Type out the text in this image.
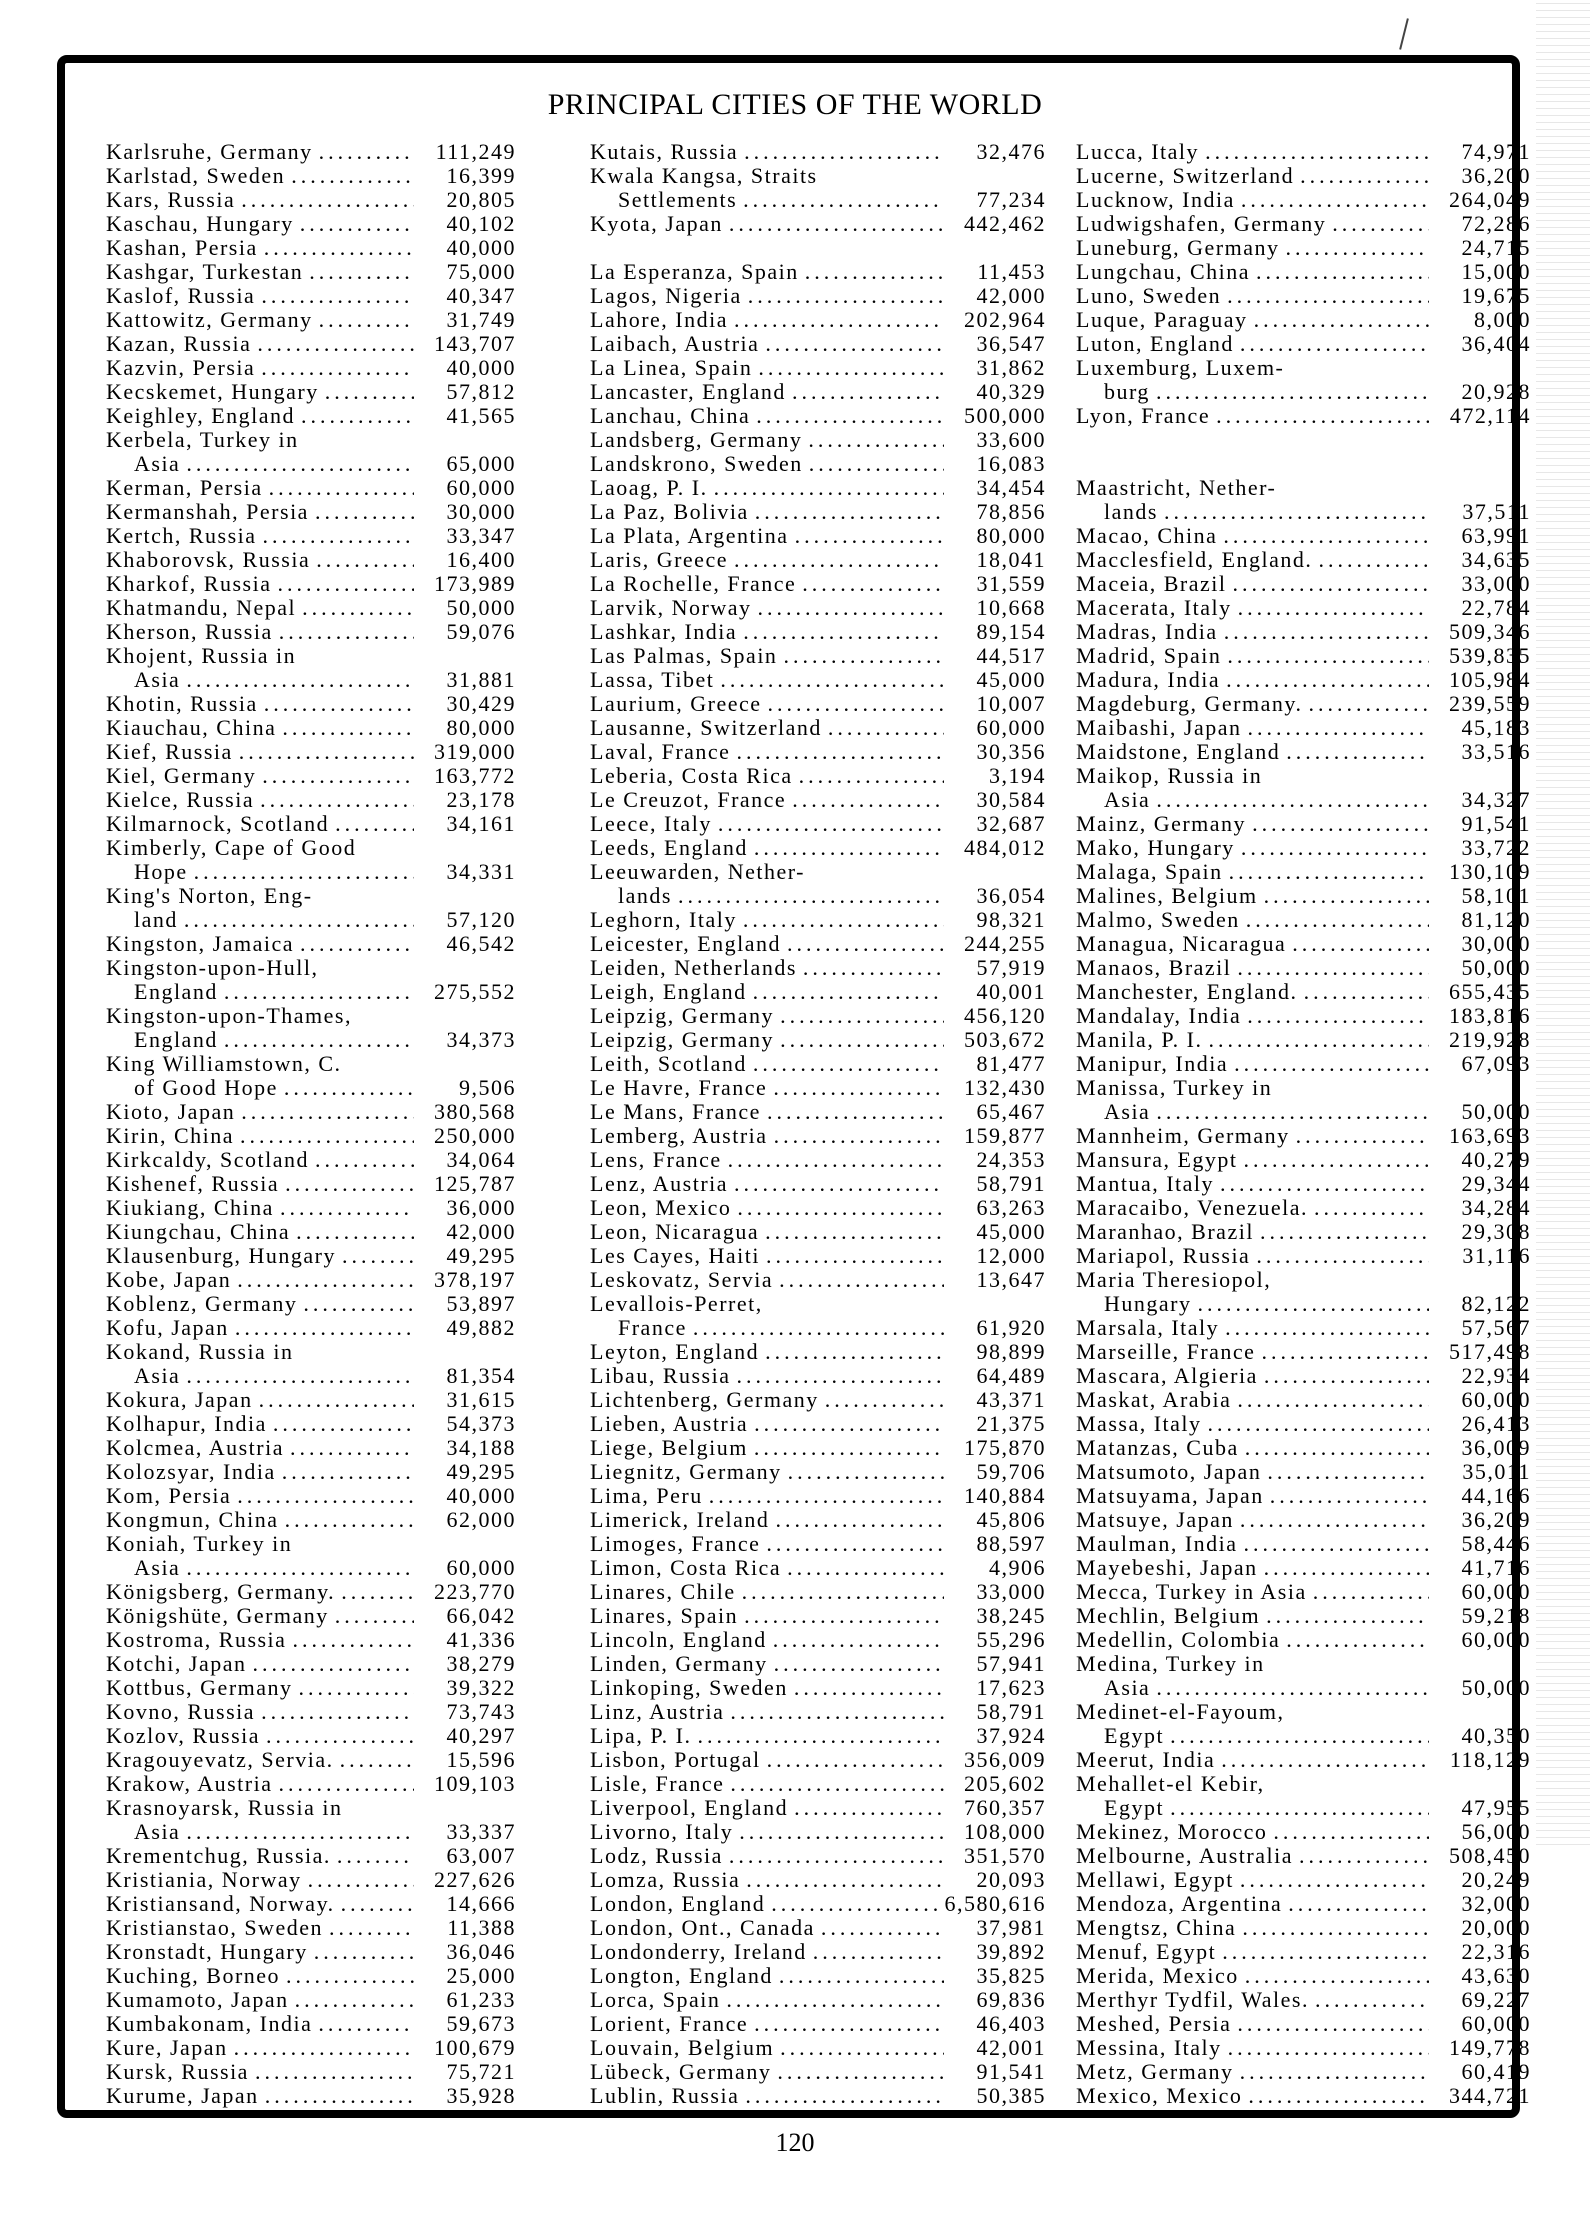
PRINCIPAL CITIES OF THE WORLD
Karlsruhe, Germany .....	111,249
Karlstad, Sweden .....	16,399
Kars, Russia .....	20,805
Kaschau, Hungary .....	40,102
Kashan, Persia .....	40,000
Kashgar, Turkestan .....	75,000
Kaslof, Russia .....	40,347
Kattowitz, Germany .....	31,749
Kazan, Russia .....	143,707
Kazvin, Persia .....	40,000
Kecskemet, Hungary .....	57,812
Keighley, England .....	41,565
Kerbela, Turkey in
Asia .....	65,000
Kerman, Persia .....	60,000
Kermanshah, Persia .....	30,000
Kertch, Russia .....	33,347
Khaborovsk, Russia .....	16,400
Kharkof, Russia .....	173,989
Khatmandu, Nepal .....	50,000
Kherson, Russia .....	59,076
Khojent, Russia in
Asia .....	31,881
Khotin, Russia .....	30,429
Kiauchau, China .....	80,000
Kief, Russia .....	319,000
Kiel, Germany .....	163,772
Kielce, Russia .....	23,178
Kilmarnock, Scotland .....	34,161
Kimberly, Cape of Good
Hope .....	34,331
King's Norton, Eng-
land .....	57,120
Kingston, Jamaica .....	46,542
Kingston-upon-Hull,
England .....	275,552
Kingston-upon-Thames,
England .....	34,373
King Williamstown, C.
of Good Hope .....	9,506
Kioto, Japan .....	380,568
Kirin, China .....	250,000
Kirkcaldy, Scotland .....	34,064
Kishenef, Russia .....	125,787
Kiukiang, China .....	36,000
Kiungchau, China .....	42,000
Klausenburg, Hungary .....	49,295
Kobe, Japan .....	378,197
Koblenz, Germany .....	53,897
Kofu, Japan .....	49,882
Kokand, Russia in
Asia .....	81,354
Kokura, Japan .....	31,615
Kolhapur, India .....	54,373
Kolcmea, Austria .....	34,188
Kolozsyar, India .....	49,295
Kom, Persia .....	40,000
Kongmun, China .....	62,000
Koniah, Turkey in
Asia .....	60,000
Königsberg, Germany. .....	223,770
Königshüte, Germany .....	66,042
Kostroma, Russia .....	41,336
Kotchi, Japan .....	38,279
Kottbus, Germany .....	39,322
Kovno, Russia .....	73,743
Kozlov, Russia .....	40,297
Kragouyevatz, Servia. .....	15,596
Krakow, Austria .....	109,103
Krasnoyarsk, Russia in
Asia .....	33,337
Krementchug, Russia. .....	63,007
Kristiania, Norway .....	227,626
Kristiansand, Norway. .....	14,666
Kristianstao, Sweden .....	11,388
Kronstadt, Hungary .....	36,046
Kuching, Borneo .....	25,000
Kumamoto, Japan .....	61,233
Kumbakonam, India .....	59,673
Kure, Japan .....	100,679
Kursk, Russia .....	75,721
Kurume, Japan .....	35,928
Kutais, Russia .....	32,476
Kwala Kangsa, Straits
Settlements .....	77,234
Kyota, Japan .....	442,462
La Esperanza, Spain .....	11,453
Lagos, Nigeria .....	42,000
Lahore, India .....	202,964
Laibach, Austria .....	36,547
La Linea, Spain .....	31,862
Lancaster, England .....	40,329
Lanchau, China .....	500,000
Landsberg, Germany .....	33,600
Landskrono, Sweden .....	16,083
Laoag, P. I. .....	34,454
La Paz, Bolivia .....	78,856
La Plata, Argentina .....	80,000
Laris, Greece .....	18,041
La Rochelle, France .....	31,559
Larvik, Norway .....	10,668
Lashkar, India .....	89,154
Las Palmas, Spain .....	44,517
Lassa, Tibet .....	45,000
Laurium, Greece .....	10,007
Lausanne, Switzerland .....	60,000
Laval, France .....	30,356
Leberia, Costa Rica .....	3,194
Le Creuzot, France .....	30,584
Leece, Italy .....	32,687
Leeds, England .....	484,012
Leeuwarden, Nether-
lands .....	36,054
Leghorn, Italy .....	98,321
Leicester, England .....	244,255
Leiden, Netherlands .....	57,919
Leigh, England .....	40,001
Leipzig, Germany .....	456,120
Leipzig, Germany .....	503,672
Leith, Scotland .....	81,477
Le Havre, France .....	132,430
Le Mans, France .....	65,467
Lemberg, Austria .....	159,877
Lens, France .....	24,353
Lenz, Austria .....	58,791
Leon, Mexico .....	63,263
Leon, Nicaragua .....	45,000
Les Cayes, Haiti .....	12,000
Leskovatz, Servia .....	13,647
Levallois-Perret,
France .....	61,920
Leyton, England .....	98,899
Libau, Russia .....	64,489
Lichtenberg, Germany .....	43,371
Lieben, Austria .....	21,375
Liege, Belgium .....	175,870
Liegnitz, Germany .....	59,706
Lima, Peru .....	140,884
Limerick, Ireland .....	45,806
Limoges, France .....	88,597
Limon, Costa Rica .....	4,906
Linares, Chile .....	33,000
Linares, Spain .....	38,245
Lincoln, England .....	55,296
Linden, Germany .....	57,941
Linkoping, Sweden .....	17,623
Linz, Austria .....	58,791
Lipa, P. I. .....	37,924
Lisbon, Portugal .....	356,009
Lisle, France .....	205,602
Liverpool, England .....	760,357
Livorno, Italy .....	108,000
Lodz, Russia .....	351,570
Lomza, Russia .....	20,093
London, England .....	6,580,616
London, Ont., Canada .....	37,981
Londonderry, Ireland .....	39,892
Longton, England .....	35,825
Lorca, Spain .....	69,836
Lorient, France .....	46,403
Louvain, Belgium .....	42,001
Lübeck, Germany .....	91,541
Lublin, Russia .....	50,385
Lucca, Italy .....	74,971
Lucerne, Switzerland .....	36,200
Lucknow, India .....	264,049
Ludwigshafen, Germany .....	72,286
Luneburg, Germany .....	24,715
Lungchau, China .....	15,000
Luno, Sweden .....	19,675
Luque, Paraguay .....	8,000
Luton, England .....	36,404
Luxemburg, Luxem-
burg .....	20,928
Lyon, France .....	472,114
Maastricht, Nether-
lands .....	37,511
Macao, China .....	63,991
Macclesfield, England. .....	34,635
Maceia, Brazil .....	33,000
Macerata, Italy .....	22,784
Madras, India .....	509,346
Madrid, Spain .....	539,835
Madura, India .....	105,984
Magdeburg, Germany. .....	239,559
Maibashi, Japan .....	45,183
Maidstone, England .....	33,516
Maikop, Russia in
Asia .....	34,327
Mainz, Germany .....	91,541
Mako, Hungary .....	33,722
Malaga, Spain .....	130,109
Malines, Belgium .....	58,101
Malmo, Sweden .....	81,120
Managua, Nicaragua .....	30,000
Manaos, Brazil .....	50,000
Manchester, England. .....	655,435
Mandalay, India .....	183,816
Manila, P. I. .....	219,928
Manipur, India .....	67,093
Manissa, Turkey in
Asia .....	50,000
Mannheim, Germany .....	163,693
Mansura, Egypt .....	40,279
Mantua, Italy .....	29,344
Maracaibo, Venezuela. .....	34,284
Maranhao, Brazil .....	29,308
Mariapol, Russia .....	31,116
Maria Theresiopol,
Hungary .....	82,122
Marsala, Italy .....	57,567
Marseille, France .....	517,498
Mascara, Algieria .....	22,934
Maskat, Arabia .....	60,000
Massa, Italy .....	26,413
Matanzas, Cuba .....	36,009
Matsumoto, Japan .....	35,011
Matsuyama, Japan .....	44,166
Matsuye, Japan .....	36,209
Maulman, India .....	58,446
Mayebeshi, Japan .....	41,716
Mecca, Turkey in Asia .....	60,000
Mechlin, Belgium .....	59,218
Medellin, Colombia .....	60,000
Medina, Turkey in
Asia .....	50,000
Medinet-el-Fayoum,
Egypt .....	40,350
Meerut, India .....	118,129
Mehallet-el Kebir,
Egypt .....	47,955
Mekinez, Morocco .....	56,000
Melbourne, Australia .....	508,450
Mellawi, Egypt .....	20,249
Mendoza, Argentina .....	32,000
Mengtsz, China .....	20,000
Menuf, Egypt .....	22,316
Merida, Mexico .....	43,630
Merthyr Tydfil, Wales. .....	69,227
Meshed, Persia .....	60,000
Messina, Italy .....	149,778
Metz, Germany .....	60,419
Mexico, Mexico .....	344,721
120
